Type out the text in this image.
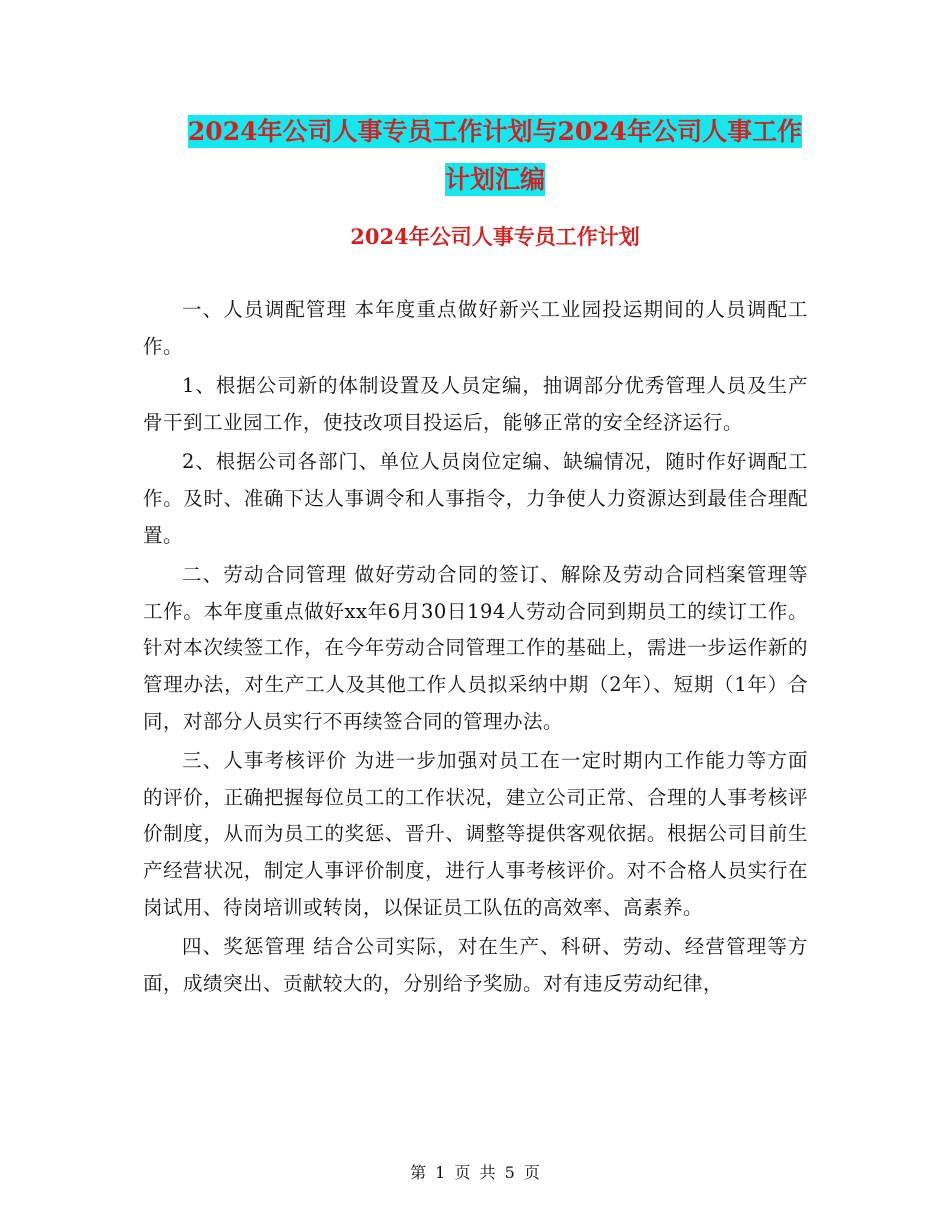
2024年公司人事专员工作计划与2024年公司人事工作
计划汇编
2024年公司人事专员工作计划

一、人员调配管理 本年度重点做好新兴工业园投运期间的人员调配工作。

1、根据公司新的体制设置及人员定编，抽调部分优秀管理人员及生产骨干到工业园工作，使技改项目投运后，能够正常的安全经济运行。

2、根据公司各部门、单位人员岗位定编、缺编情况，随时作好调配工作。及时、准确下达人事调令和人事指令，力争使人力资源达到最佳合理配置。

二、劳动合同管理 做好劳动合同的签订、解除及劳动合同档案管理等工作。本年度重点做好xx年6月30日194人劳动合同到期员工的续订工作。针对本次续签工作，在今年劳动合同管理工作的基础上，需进一步运作新的管理办法，对生产工人及其他工作人员拟采纳中期（2年）、短期（1年）合同，对部分人员实行不再续签合同的管理办法。

三、人事考核评价 为进一步加强对员工在一定时期内工作能力等方面的评价，正确把握每位员工的工作状况，建立公司正常、合理的人事考核评价制度，从而为员工的奖惩、晋升、调整等提供客观依据。根据公司目前生产经营状况，制定人事评价制度，进行人事考核评价。对不合格人员实行在岗试用、待岗培训或转岗，以保证员工队伍的高效率、高素养。

四、奖惩管理 结合公司实际，对在生产、科研、劳动、经营管理等方面，成绩突出、贡献较大的，分别给予奖励。对有违反劳动纪律，

第 1 页 共 5 页
